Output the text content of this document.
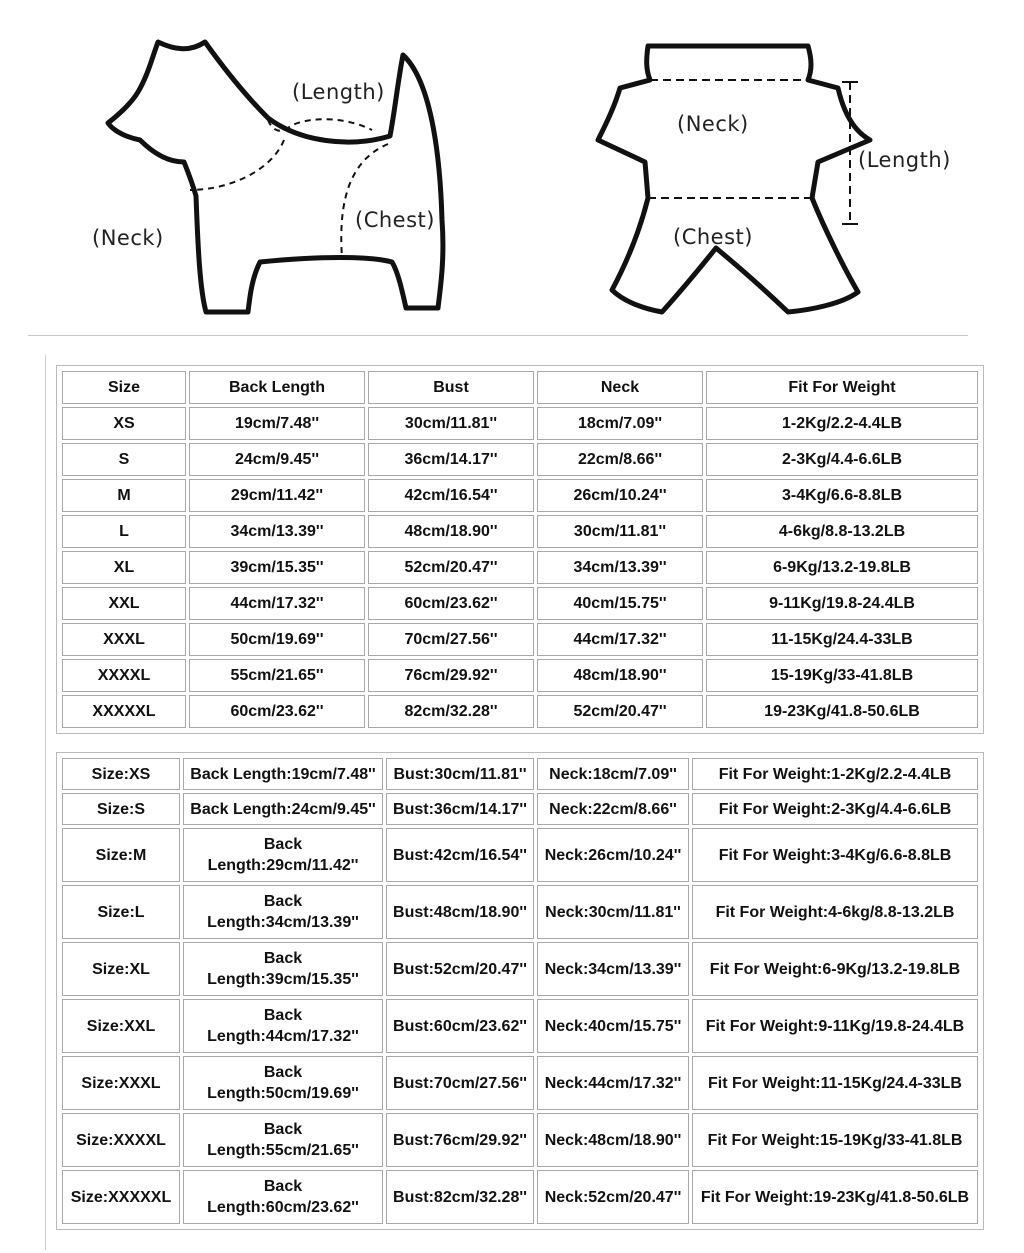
(Length)
(Neck)
(Chest)
(Neck)
(Length)
(Chest)
Size	Back Length	Bust	Neck	Fit For Weight
XS	19cm/7.48''	30cm/11.81''	18cm/7.09''	1-2Kg/2.2-4.4LB
S	24cm/9.45''	36cm/14.17''	22cm/8.66''	2-3Kg/4.4-6.6LB
M	29cm/11.42''	42cm/16.54''	26cm/10.24''	3-4Kg/6.6-8.8LB
L	34cm/13.39''	48cm/18.90''	30cm/11.81''	4-6kg/8.8-13.2LB
XL	39cm/15.35''	52cm/20.47''	34cm/13.39''	6-9Kg/13.2-19.8LB
XXL	44cm/17.32''	60cm/23.62''	40cm/15.75''	9-11Kg/19.8-24.4LB
XXXL	50cm/19.69''	70cm/27.56''	44cm/17.32''	11-15Kg/24.4-33LB
XXXXL	55cm/21.65''	76cm/29.92''	48cm/18.90''	15-19Kg/33-41.8LB
XXXXXL	60cm/23.62''	82cm/32.28''	52cm/20.47''	19-23Kg/41.8-50.6LB
Size:XS	Back Length:19cm/7.48''	Bust:30cm/11.81''	Neck:18cm/7.09''	Fit For Weight:1-2Kg/2.2-4.4LB
Size:S	Back Length:24cm/9.45''	Bust:36cm/14.17''	Neck:22cm/8.66''	Fit For Weight:2-3Kg/4.4-6.6LB
Size:M	Back Length:29cm/11.42''	Bust:42cm/16.54''	Neck:26cm/10.24''	Fit For Weight:3-4Kg/6.6-8.8LB
Size:L	Back Length:34cm/13.39''	Bust:48cm/18.90''	Neck:30cm/11.81''	Fit For Weight:4-6kg/8.8-13.2LB
Size:XL	Back Length:39cm/15.35''	Bust:52cm/20.47''	Neck:34cm/13.39''	Fit For Weight:6-9Kg/13.2-19.8LB
Size:XXL	Back Length:44cm/17.32''	Bust:60cm/23.62''	Neck:40cm/15.75''	Fit For Weight:9-11Kg/19.8-24.4LB
Size:XXXL	Back Length:50cm/19.69''	Bust:70cm/27.56''	Neck:44cm/17.32''	Fit For Weight:11-15Kg/24.4-33LB
Size:XXXXL	Back Length:55cm/21.65''	Bust:76cm/29.92''	Neck:48cm/18.90''	Fit For Weight:15-19Kg/33-41.8LB
Size:XXXXXL	Back Length:60cm/23.62''	Bust:82cm/32.28''	Neck:52cm/20.47''	Fit For Weight:19-23Kg/41.8-50.6LB
